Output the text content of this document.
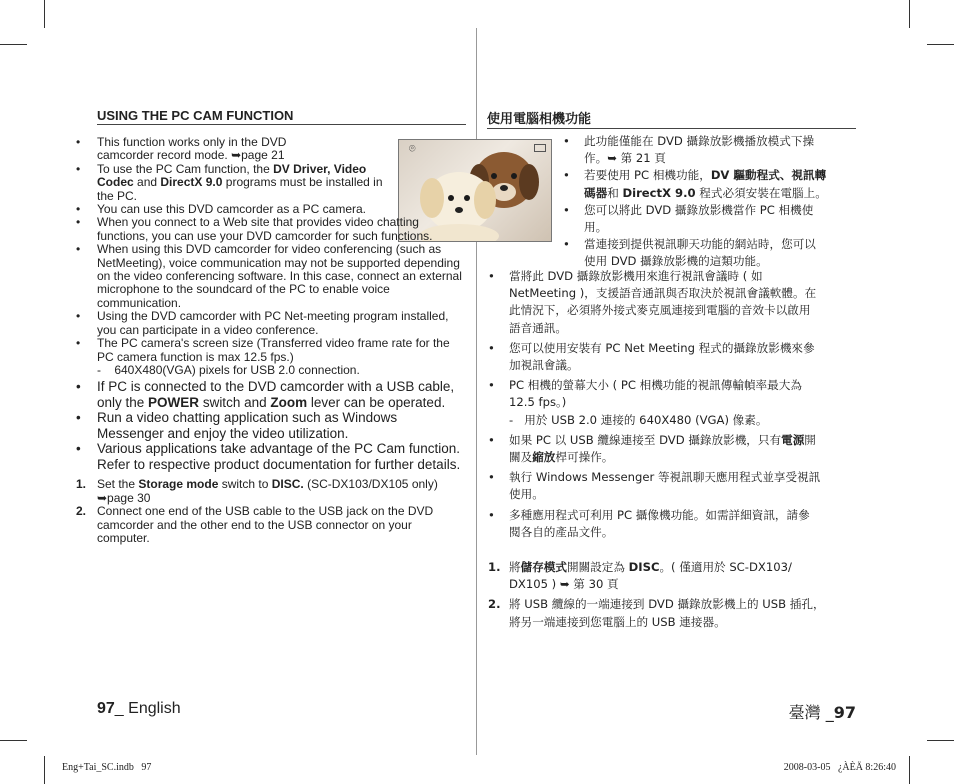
USING THE PC CAM FUNCTION
⌾
• This function works only in the DVD camcorder record mode. ➥page 21
• To use the PC Cam function, the DV Driver, Video Codec and DirectX 9.0 programs must be installed in the PC.
• You can use this DVD camcorder as a PC camera.
• When you connect to a Web site that provides video chatting functions, you can use your DVD camcorder for such functions.
• When using this DVD camcorder for video conferencing (such as NetMeeting), voice communication may not be supported depending on the video conferencing software. In this case, connect an external microphone to the soundcard of the PC to enable voice communication.
• Using the DVD camcorder with PC Net-meeting program installed, you can participate in a video conference.
• The PC camera's screen size (Transferred video frame rate for the PC camera function is max 12.5 fps.)
-    640X480(VGA) pixels for USB 2.0 connection.
• If PC is connected to the DVD camcorder with a USB cable, only the POWER switch and Zoom lever can be operated.
• Run a video chatting application such as Windows Messenger and enjoy the video utilization.
• Various applications take advantage of the PC Cam function. Refer to respective product documentation for further details.
1. Set the Storage mode switch to DISC. (SC-DX103/DX105 only) ➥page 30
2. Connect one end of the USB cable to the USB jack on the DVD camcorder and the other end to the USB connector on your computer.
97_ English
使用電腦相機功能
• 此功能僅能在 DVD 攝錄放影機播放模式下操
作。➥ 第 21 頁
• 若要使用 PC 相機功能，DV 驅動程式、視訊轉
碼器和 DirectX 9.0 程式必須安裝在電腦上。
• 您可以將此 DVD 攝錄放影機當作 PC 相機使
用。
• 當連接到提供視訊聊天功能的網站時，您可以
使用 DVD 攝錄放影機的這類功能。
• 當將此 DVD 攝錄放影機用來進行視訊會議時 ( 如
NetMeeting )，支援語音通訊與否取決於視訊會議軟體。在
此情況下，必須將外接式麥克風連接到電腦的音效卡以啟用
語音通訊。
• 您可以使用安裝有 PC Net Meeting 程式的攝錄放影機來參
加視訊會議。
• PC 相機的螢幕大小 ( PC 相機功能的視訊傳輸幀率最大為
12.5 fps。)
-   用於 USB 2.0 連接的 640X480 (VGA) 像素。
• 如果 PC 以 USB 纜線連接至 DVD 攝錄放影機，只有電源開
關及縮放桿可操作。
• 執行 Windows Messenger 等視訊聊天應用程式並享受視訊
使用。
• 多種應用程式可利用 PC 攝像機功能。如需詳細資訊，請參
閱各自的產品文件。
1. 將儲存模式開關設定為 DISC。( 僅適用於 SC-DX103/
DX105 ) ➥ 第 30 頁
2. 將 USB 纜線的一端連接到 DVD 攝錄放影機上的 USB 插孔，
將另一端連接到您電腦上的 USB 連接器。
臺灣 _97
Eng+Tai_SC.indb   97	2008-03-05   ¿ÀÈÄ 8:26:40
